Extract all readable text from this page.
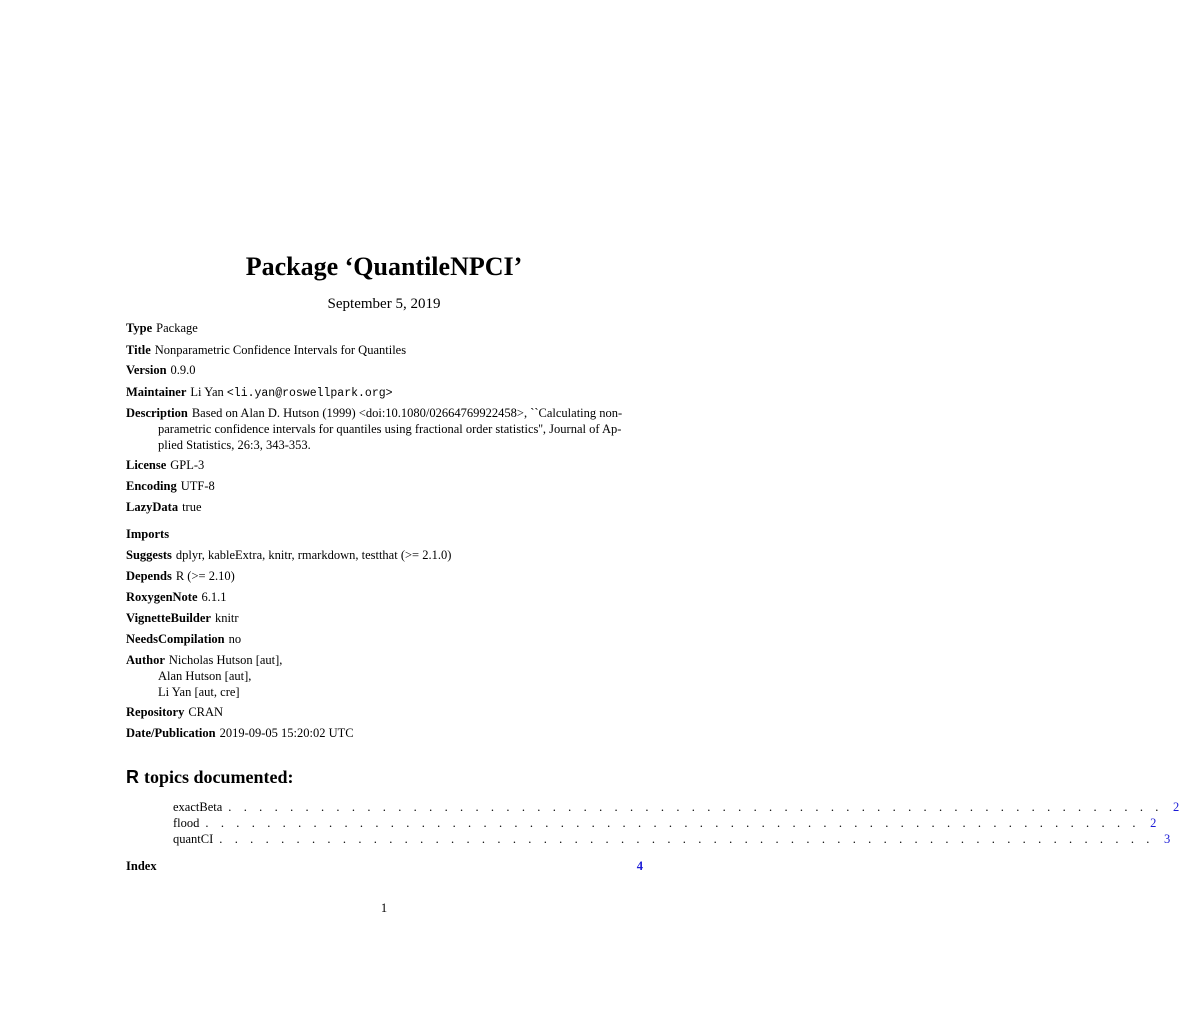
Package ‘QuantileNPCI’
September 5, 2019
Type Package
Title Nonparametric Confidence Intervals for Quantiles
Version 0.9.0
Maintainer Li Yan <li.yan@roswellpark.org>
Description Based on Alan D. Hutson (1999) <doi:10.1080/02664769922458>, ``Calculating non-
parametric confidence intervals for quantiles using fractional order statistics'', Journal of Ap-
plied Statistics, 26:3, 343-353.
License GPL-3
Encoding UTF-8
LazyData true
Imports
Suggests dplyr, kableExtra, knitr, rmarkdown, testthat (>= 2.1.0)
Depends R (>= 2.10)
RoxygenNote 6.1.1
VignetteBuilder knitr
NeedsCompilation no
Author Nicholas Hutson [aut],
Alan Hutson [aut],
Li Yan [aut, cre]
Repository CRAN
Date/Publication 2019-09-05 15:20:02 UTC
R topics documented:
exactBeta . . . . . . . . . . . . . . . . . . . . . . . . . . . . . . . . . . . . . . . . . . . . . . . . . . . . . . . . . . . . . 2
flood . . . . . . . . . . . . . . . . . . . . . . . . . . . . . . . . . . . . . . . . . . . . . . . . . . . . . . . . . . . . . 2
quantCI . . . . . . . . . . . . . . . . . . . . . . . . . . . . . . . . . . . . . . . . . . . . . . . . . . . . . . . . . . . . . 3
Index	4
1
